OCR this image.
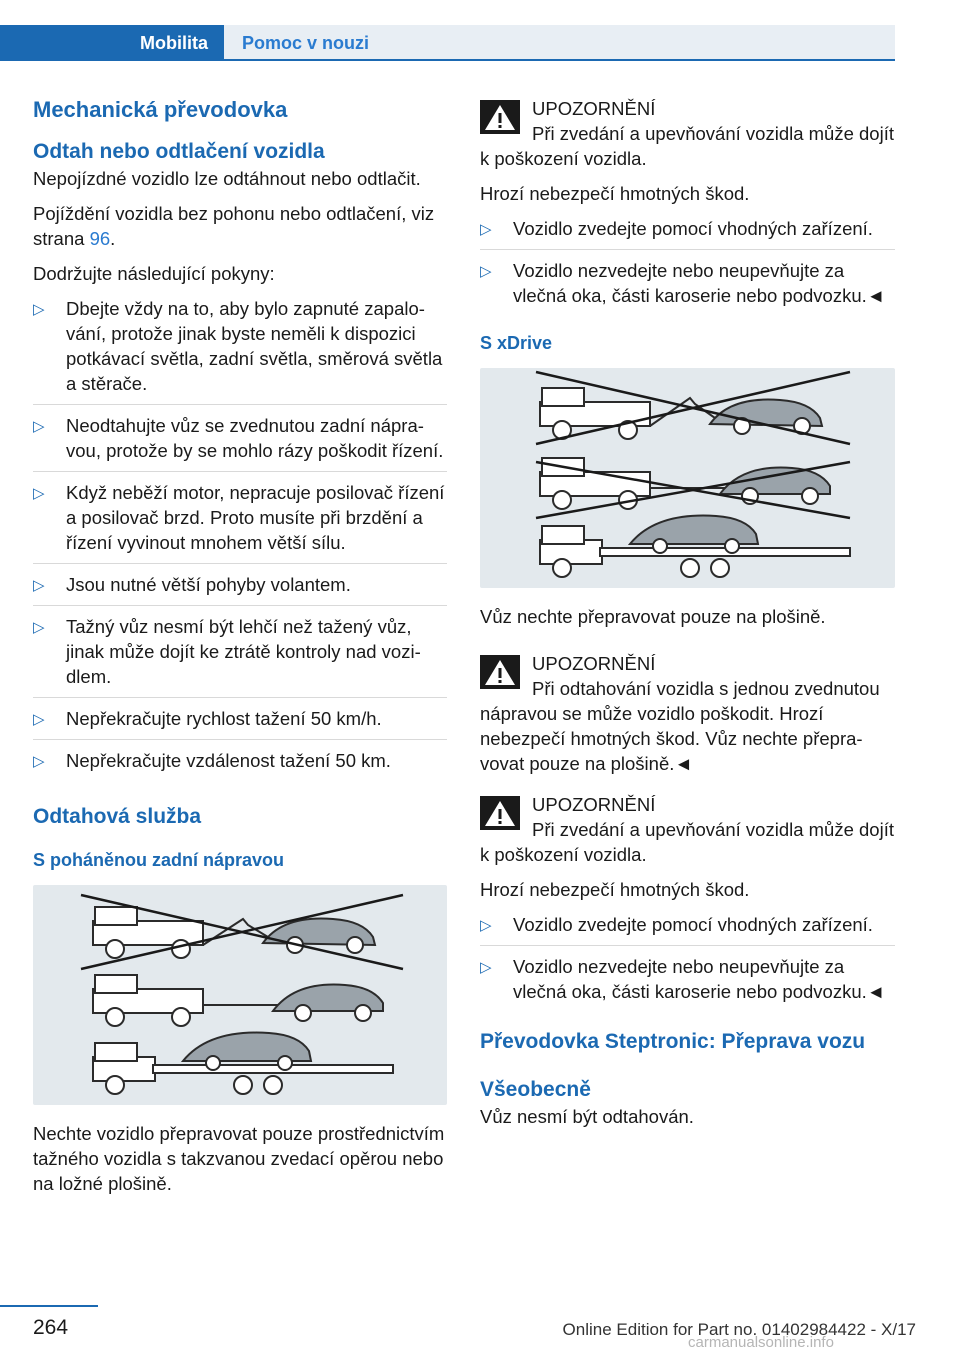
Mobilita	Pomoc v nouzi
Mechanická převodovka
Odtah nebo odtlačení vozidla

Nepojízdné vozidlo lze odtáhnout nebo odtlačit.

Pojíždění vozidla bez pohonu nebo odtlačení, viz strana 96.

Dodržujte následující pokyny:

▷ Dbejte vždy na to, aby bylo zapnuté zapalování, protože jinak byste neměli k dispozici potkávací světla, zadní světla, směrová světla a stěrače.
▷ Neodtahujte vůz se zvednutou zadní nápravou, protože by se mohlo rázy poškodit řízení.
▷ Když neběží motor, nepracuje posilovač řízení a posilovač brzd. Proto musíte při brzdění a řízení vyvinout mnohem větší sílu.
▷ Jsou nutné větší pohyby volantem.
▷ Tažný vůz nesmí být lehčí než tažený vůz, jinak může dojít ke ztrátě kontroly nad vozidlem.
▷ Nepřekračujte rychlost tažení 50 km/h.
▷ Nepřekračujte vzdálenost tažení 50 km.
Odtahová služba
S poháněnou zadní nápravou

Nechte vozidlo přepravovat pouze prostřednictvím tažného vozidla s takzvanou zvedací opěrou nebo na ložné plošině.

UPOZORNĚNÍ

Při zvedání a upevňování vozidla může dojít k poškození vozidla.

Hrozí nebezpečí hmotných škod.

▷ Vozidlo zvedejte pomocí vhodných zařízení.
▷ Vozidlo nezvedejte nebo neupevňujte za vlečná oka, části karoserie nebo podvozku.◄
S xDrive

Vůz nechte přepravovat pouze na plošině.

UPOZORNĚNÍ

Při odtahování vozidla s jednou zvednutou nápravou se může vozidlo poškodit. Hrozí nebezpečí hmotných škod. Vůz nechte přepravovat pouze na plošině.◄

UPOZORNĚNÍ

Při zvedání a upevňování vozidla může dojít k poškození vozidla.

Hrozí nebezpečí hmotných škod.

▷ Vozidlo zvedejte pomocí vhodných zařízení.
▷ Vozidlo nezvedejte nebo neupevňujte za vlečná oka, části karoserie nebo podvozku.◄
Převodovka Steptronic: Přeprava vozu
Všeobecně

Vůz nesmí být odtahován.

264	Online Edition for Part no. 01402984422 - X/17
carmanualsonline.info
